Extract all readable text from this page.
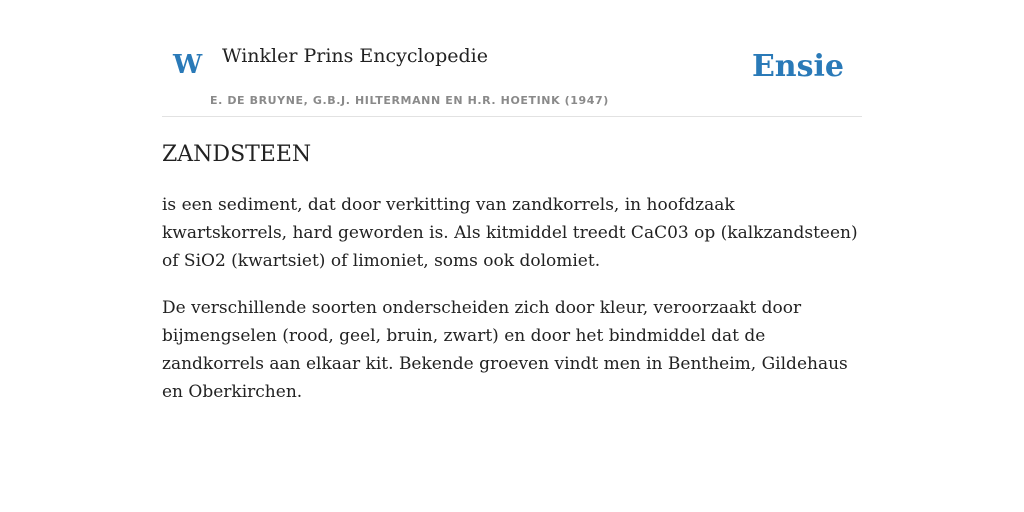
W Winkler Prins Encyclopedie
E. DE BRUYNE, G.B.J. HILTERMANN EN H.R. HOETINK (1947)
Ensie
ZANDSTEEN

is een sediment, dat door verkitting van zandkorrels, in hoofdzaak kwartskorrels, hard geworden is. Als kitmiddel treedt CaC03 op (kalkzandsteen) of SiO2 (kwartsiet) of limoniet, soms ook dolomiet.

De verschillende soorten onderscheiden zich door kleur, veroorzaakt door bijmengselen (rood, geel, bruin, zwart) en door het bindmiddel dat de zandkorrels aan elkaar kit. Bekende groeven vindt men in Bentheim, Gildehaus en Oberkirchen.
